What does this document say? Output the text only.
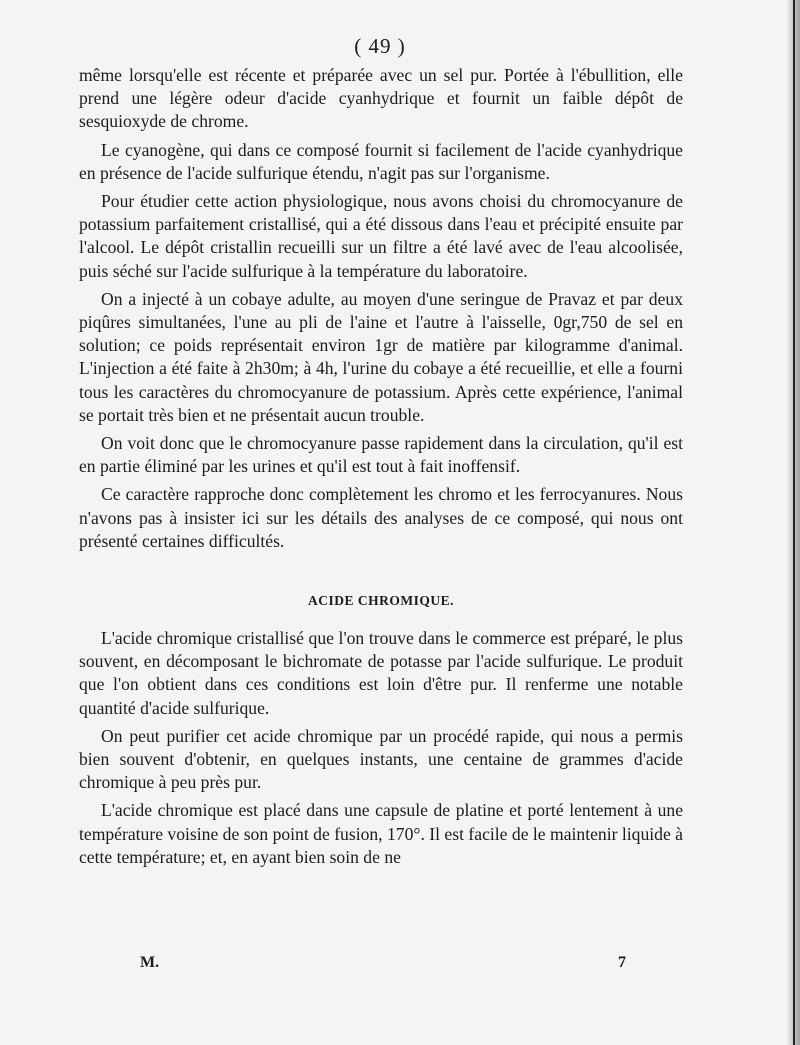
( 49 )

même lorsqu'elle est récente et préparée avec un sel pur. Portée à l'ébullition, elle prend une légère odeur d'acide cyanhydrique et fournit un faible dépôt de sesquioxyde de chrome.

Le cyanogène, qui dans ce composé fournit si facilement de l'acide cyanhydrique en présence de l'acide sulfurique étendu, n'agit pas sur l'organisme.

Pour étudier cette action physiologique, nous avons choisi du chromocyanure de potassium parfaitement cristallisé, qui a été dissous dans l'eau et précipité ensuite par l'alcool. Le dépôt cristallin recueilli sur un filtre a été lavé avec de l'eau alcoolisée, puis séché sur l'acide sulfurique à la température du laboratoire.

On a injecté à un cobaye adulte, au moyen d'une seringue de Pravaz et par deux piqûres simultanées, l'une au pli de l'aine et l'autre à l'aisselle, 0gr,750 de sel en solution; ce poids représentait environ 1gr de matière par kilogramme d'animal. L'injection a été faite à 2h30m; à 4h, l'urine du cobaye a été recueillie, et elle a fourni tous les caractères du chromocyanure de potassium. Après cette expérience, l'animal se portait très bien et ne présentait aucun trouble.

On voit donc que le chromocyanure passe rapidement dans la circulation, qu'il est en partie éliminé par les urines et qu'il est tout à fait inoffensif.

Ce caractère rapproche donc complètement les chromo et les ferrocyanures. Nous n'avons pas à insister ici sur les détails des analyses de ce composé, qui nous ont présenté certaines difficultés.

ACIDE CHROMIQUE.

L'acide chromique cristallisé que l'on trouve dans le commerce est préparé, le plus souvent, en décomposant le bichromate de potasse par l'acide sulfurique. Le produit que l'on obtient dans ces conditions est loin d'être pur. Il renferme une notable quantité d'acide sulfurique.

On peut purifier cet acide chromique par un procédé rapide, qui nous a permis bien souvent d'obtenir, en quelques instants, une centaine de grammes d'acide chromique à peu près pur.

L'acide chromique est placé dans une capsule de platine et porté lentement à une température voisine de son point de fusion, 170°. Il est facile de le maintenir liquide à cette température; et, en ayant bien soin de ne

M.	7
